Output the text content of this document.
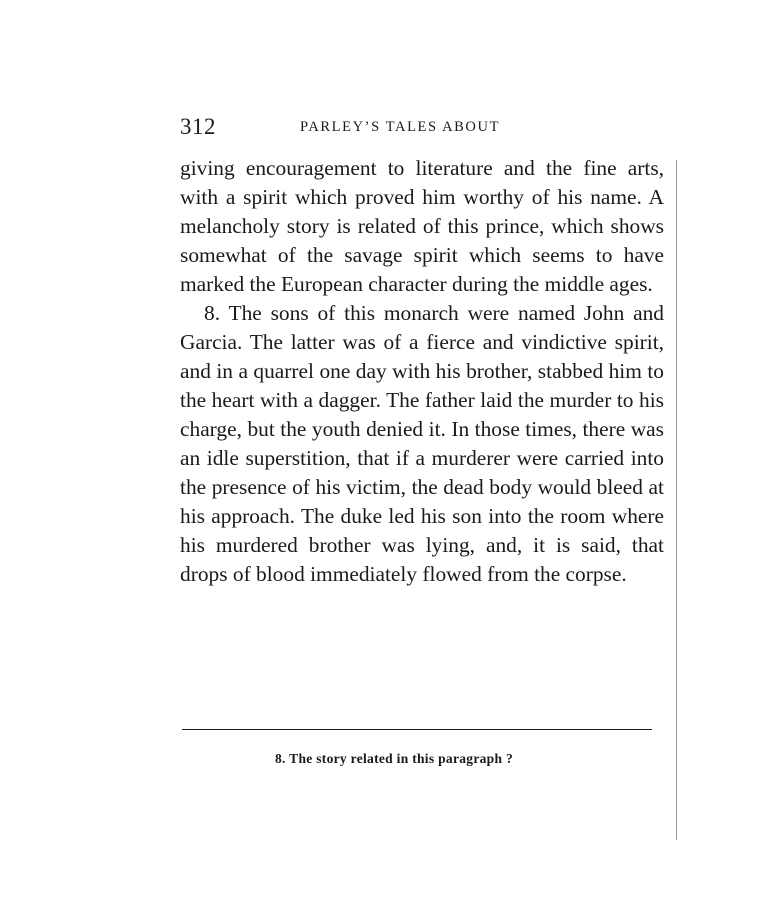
312	PARLEY’S TALES ABOUT

giving encouragement to literature and the fine arts, with a spirit which proved him worthy of his name. A melancholy story is related of this prince, which shows somewhat of the savage spirit which seems to have marked the European character during the middle ages.

8. The sons of this monarch were named John and Garcia. The latter was of a fierce and vindictive spirit, and in a quarrel one day with his brother, stabbed him to the heart with a dagger. The father laid the murder to his charge, but the youth denied it. In those times, there was an idle superstition, that if a murderer were carried into the presence of his victim, the dead body would bleed at his approach. The duke led his son into the room where his murdered brother was lying, and, it is said, that drops of blood immediately flowed from the corpse.

8. The story related in this paragraph ?
